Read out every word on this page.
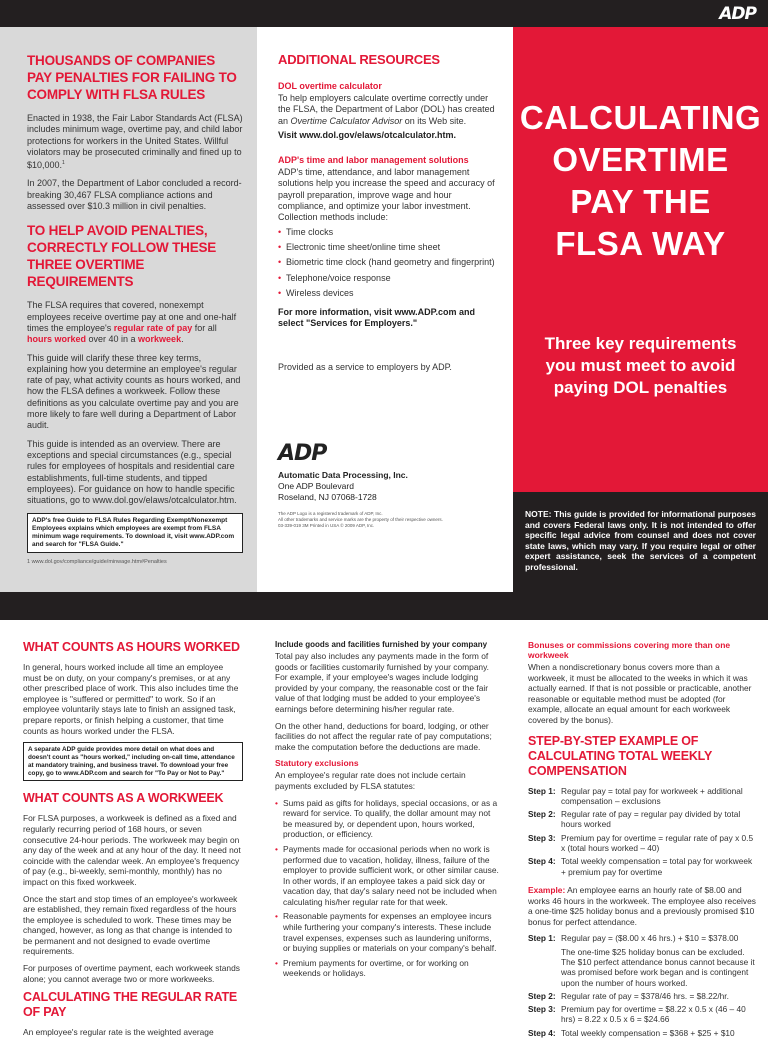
ADP
THOUSANDS OF COMPANIES PAY PENALTIES FOR FAILING TO COMPLY WITH FLSA RULES

Enacted in 1938, the Fair Labor Standards Act (FLSA) includes minimum wage, overtime pay, and child labor protections for workers in the United States. Willful violators may be prosecuted criminally and fined up to $10,000.$^1$

In 2007, the Department of Labor concluded a record-breaking 30,467 FLSA compliance actions and assessed over $10.3 million in civil penalties.

TO HELP AVOID PENALTIES, CORRECTLY FOLLOW THESE THREE OVERTIME REQUIREMENTS

The FLSA requires that covered, nonexempt employees receive overtime pay at one and one-half times the employee's regular rate of pay for all hours worked over 40 in a workweek.

This guide will clarify these three key terms, explaining how you determine an employee's regular rate of pay, what activity counts as hours worked, and how the FLSA defines a workweek. Follow these definitions as you calculate overtime pay and you are more likely to fare well during a Department of Labor audit.

This guide is intended as an overview. There are exceptions and special circumstances (e.g., special rules for employees of hospitals and residential care establishments, full-time students, and tipped employees). For guidance on how to handle specific situations, go to www.dol.gov/elaws/otcalculator.htm.

ADP's free Guide to FLSA Rules Regarding Exempt/Nonexempt Employees explains which employees are exempt from FLSA minimum wage requirements. To download it, visit www.ADP.com and search for "FLSA Guide."
1 www.dol.gov/compliance/guide/minwage.htm#Penalties
ADDITIONAL RESOURCES
DOL overtime calculator

To help employers calculate overtime correctly under the FLSA, the Department of Labor (DOL) has created an Overtime Calculator Advisor on its Web site.

Visit www.dol.gov/elaws/otcalculator.htm.

ADP's time and labor management solutions

ADP's time, attendance, and labor management solutions help you increase the speed and accuracy of payroll preparation, improve wage and hour compliance, and optimize your labor investment. Collection methods include:

• Time clocks
• Electronic time sheet/online time sheet
• Biometric time clock (hand geometry and fingerprint)
• Telephone/voice response
• Wireless devices

For more information, visit www.ADP.com and select "Services for Employers."

Provided as a service to employers by ADP.

ADP
Automatic Data Processing, Inc.
One ADP Boulevard
Roseland, NJ 07068-1728
The ADP Logo is a registered trademark of ADP, Inc.
All other trademarks and service marks are the property of their respective owners.
03-339-019 3M Printed in USA © 2009 ADP, Inc.
CALCULATING
OVERTIME
PAY THE
FLSA WAY
Three key requirements
you must meet to avoid
paying DOL penalties

NOTE: This guide is provided for informational purposes and covers Federal laws only. It is not intended to offer specific legal advice from counsel and does not cover state laws, which may vary. If you require legal or other expert assistance, seek the services of a competent professional.

WHAT COUNTS AS HOURS WORKED

In general, hours worked include all time an employee must be on duty, on your company's premises, or at any other prescribed place of work. This also includes time the employee is "suffered or permitted" to work. So if an employee voluntarily stays late to finish an assigned task, prepare reports, or finish helping a customer, that time counts as hours worked under the FLSA.

A separate ADP guide provides more detail on what does and doesn't count as "hours worked," including on-call time, attendance at mandatory training, and business travel. To download your free copy, go to www.ADP.com and search for "To Pay or Not to Pay."
WHAT COUNTS AS A WORKWEEK

For FLSA purposes, a workweek is defined as a fixed and regularly recurring period of 168 hours, or seven consecutive 24-hour periods. The workweek may begin on any day of the week and at any hour of the day. It need not coincide with the calendar week. An employee's frequency of pay (e.g., bi-weekly, semi-monthly, monthly) has no impact on this fixed workweek.

Once the start and stop times of an employee's workweek are established, they remain fixed regardless of the hours the employee is scheduled to work. These times may be changed, however, as long as that change is intended to be permanent and not designed to evade overtime requirements.

For purposes of overtime payment, each workweek stands alone; you cannot average two or more workweeks.

CALCULATING THE REGULAR RATE OF PAY

An employee's regular rate is the weighted average

Include goods and facilities furnished by your company

Total pay also includes any payments made in the form of goods or facilities customarily furnished by your company. For example, if your employee's wages include lodging provided by your company, the reasonable cost or the fair value of that lodging must be added to your employee's earnings before determining his/her regular rate.

On the other hand, deductions for board, lodging, or other facilities do not affect the regular rate of pay computations; make the computation before the deductions are made.

Statutory exclusions

An employee's regular rate does not include certain payments excluded by FLSA statutes:

• Sums paid as gifts for holidays, special occasions, or as a reward for service. To qualify, the dollar amount may not be measured by, or dependent upon, hours worked, production, or efficiency.
• Payments made for occasional periods when no work is performed due to vacation, holiday, illness, failure of the employer to provide sufficient work, or other similar cause. In other words, if an employee takes a paid sick day or vacation day, that day's salary need not be included when calculating his/her regular rate for that week.
• Reasonable payments for expenses an employee incurs while furthering your company's interests. These include travel expenses, expenses such as laundering uniforms, or buying supplies or materials on your company's behalf.
• Premium payments for overtime, or for working on weekends or holidays.
Bonuses or commissions covering more than one workweek

When a nondiscretionary bonus covers more than a workweek, it must be allocated to the weeks in which it was actually earned. If that is not possible or practicable, another reasonable or equitable method must be adopted (for example, allocate an equal amount for each workweek covered by the bonus).

STEP-BY-STEP EXAMPLE OF CALCULATING TOTAL WEEKLY COMPENSATION
Step 1: Regular pay = total pay for workweek + additional compensation – exclusions
Step 2: Regular rate of pay = regular pay divided by total hours worked
Step 3: Premium pay for overtime = regular rate of pay x 0.5 x (total hours worked – 40)
Step 4: Total weekly compensation = total pay for workweek + premium pay for overtime

Example: An employee earns an hourly rate of $8.00 and works 46 hours in the workweek. The employee also receives a one-time $25 holiday bonus and a previously promised $10 bonus for perfect attendance.

Step 1: Regular pay = ($8.00 x 46 hrs.) + $10 = $378.00
The one-time $25 holiday bonus can be excluded. The $10 perfect attendance bonus cannot because it was promised before work began and is contingent upon the number of hours worked.
Step 2: Regular rate of pay = $378/46 hrs. = $8.22/hr.
Step 3: Premium pay for overtime = $8.22 x 0.5 x (46 – 40 hrs) = 8.22 x 0.5 x 6 = $24.66
Step 4: Total weekly compensation = $368 + $25 + $10
